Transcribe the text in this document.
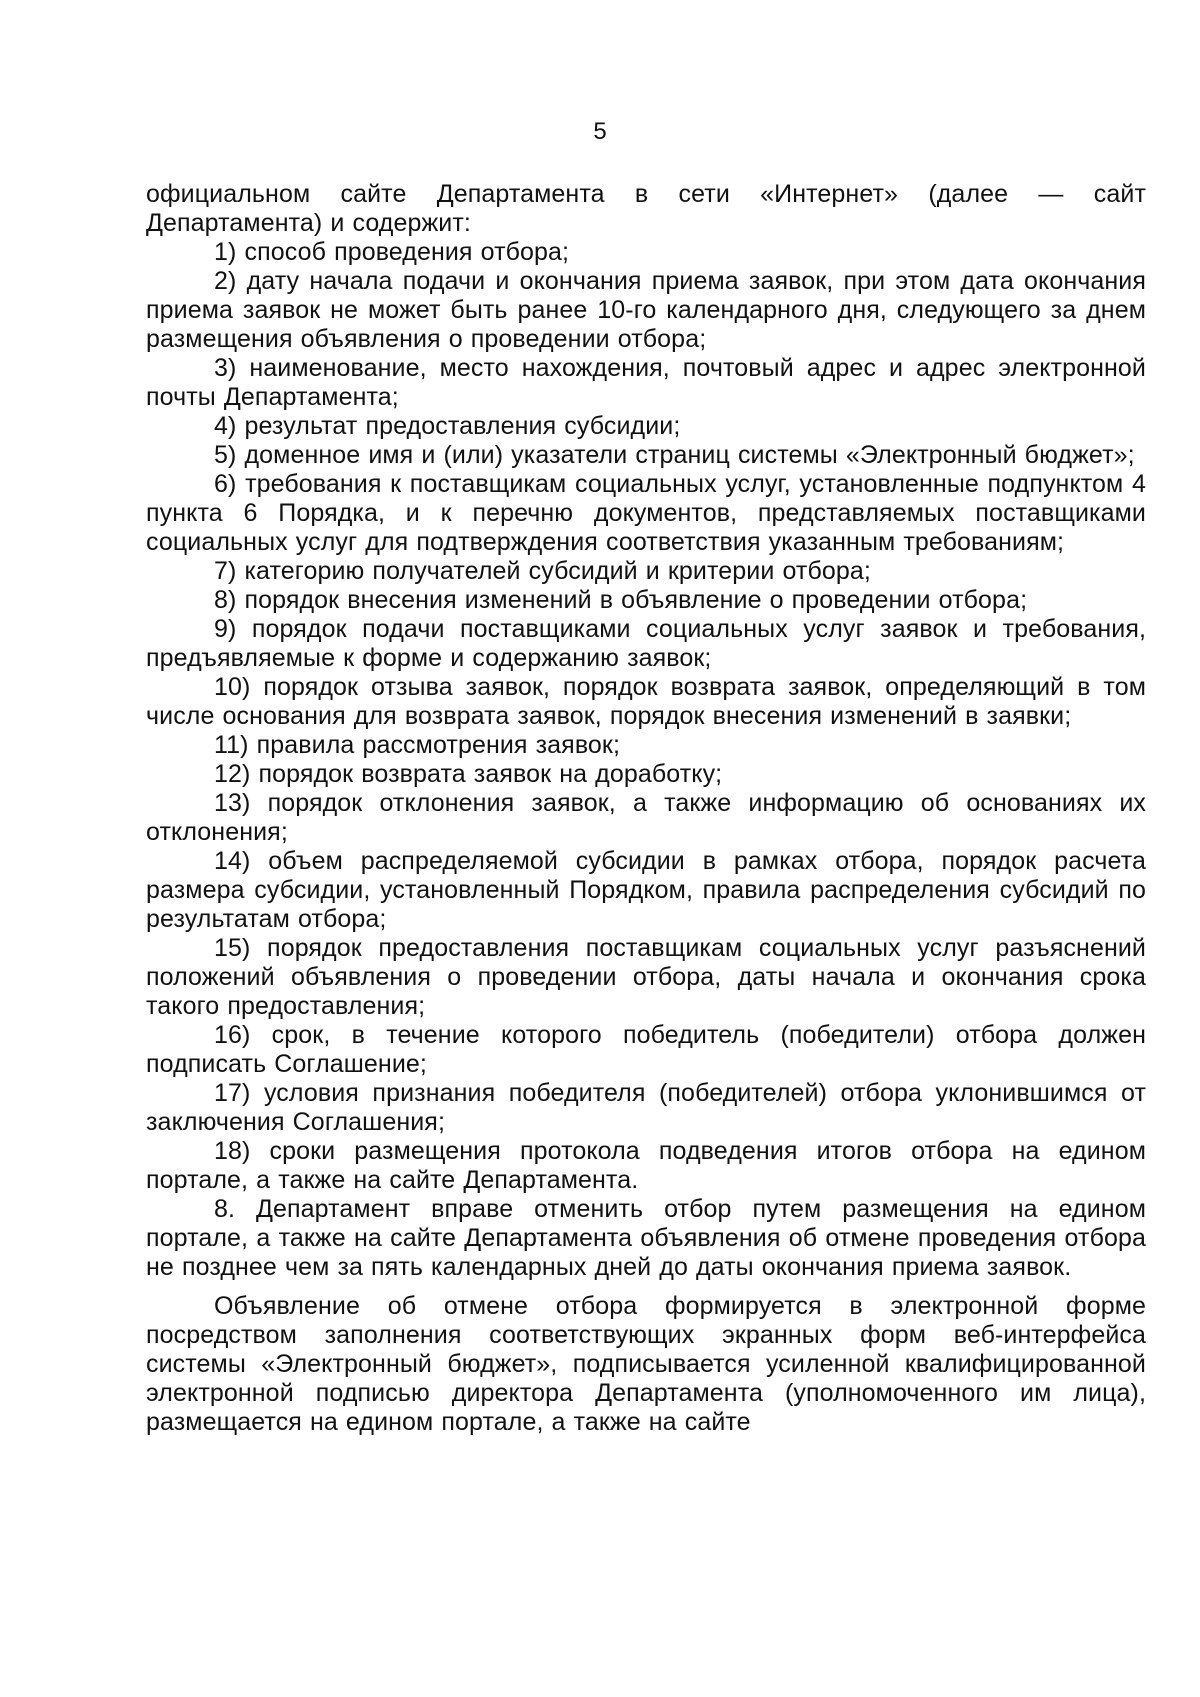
5

официальном сайте Департамента в сети «Интернет» (далее — сайт Департамента) и содержит:

1) способ проведения отбора;

2) дату начала подачи и окончания приема заявок, при этом дата окончания приема заявок не может быть ранее 10-го календарного дня, следующего за днем размещения объявления о проведении отбора;

3) наименование, место нахождения, почтовый адрес и адрес электронной почты Департамента;

4) результат предоставления субсидии;

5) доменное имя и (или) указатели страниц системы «Электронный бюджет»;

6) требования к поставщикам социальных услуг, установленные подпунктом 4 пункта 6 Порядка, и к перечню документов, представляемых поставщиками социальных услуг для подтверждения соответствия указанным требованиям;

7) категорию получателей субсидий и критерии отбора;

8) порядок внесения изменений в объявление о проведении отбора;

9) порядок подачи поставщиками социальных услуг заявок и требования, предъявляемые к форме и содержанию заявок;

10) порядок отзыва заявок, порядок возврата заявок, определяющий в том числе основания для возврата заявок, порядок внесения изменений в заявки;

11) правила рассмотрения заявок;

12) порядок возврата заявок на доработку;

13) порядок отклонения заявок, а также информацию об основаниях их отклонения;

14) объем распределяемой субсидии в рамках отбора, порядок расчета размера субсидии, установленный Порядком, правила распределения субсидий по результатам отбора;

15) порядок предоставления поставщикам социальных услуг разъяснений положений объявления о проведении отбора, даты начала и окончания срока такого предоставления;

16) срок, в течение которого победитель (победители) отбора должен подписать Соглашение;

17) условия признания победителя (победителей) отбора уклонившимся от заключения Соглашения;

18) сроки размещения протокола подведения итогов отбора на едином портале, а также на сайте Департамента.

8. Департамент вправе отменить отбор путем размещения на едином портале, а также на сайте Департамента объявления об отмене проведения отбора не позднее чем за пять календарных дней до даты окончания приема заявок.

Объявление об отмене отбора формируется в электронной форме посредством заполнения соответствующих экранных форм веб-интерфейса системы «Электронный бюджет», подписывается усиленной квалифицированной электронной подписью директора Департамента (уполномоченного им лица), размещается на едином портале, а также на сайте
